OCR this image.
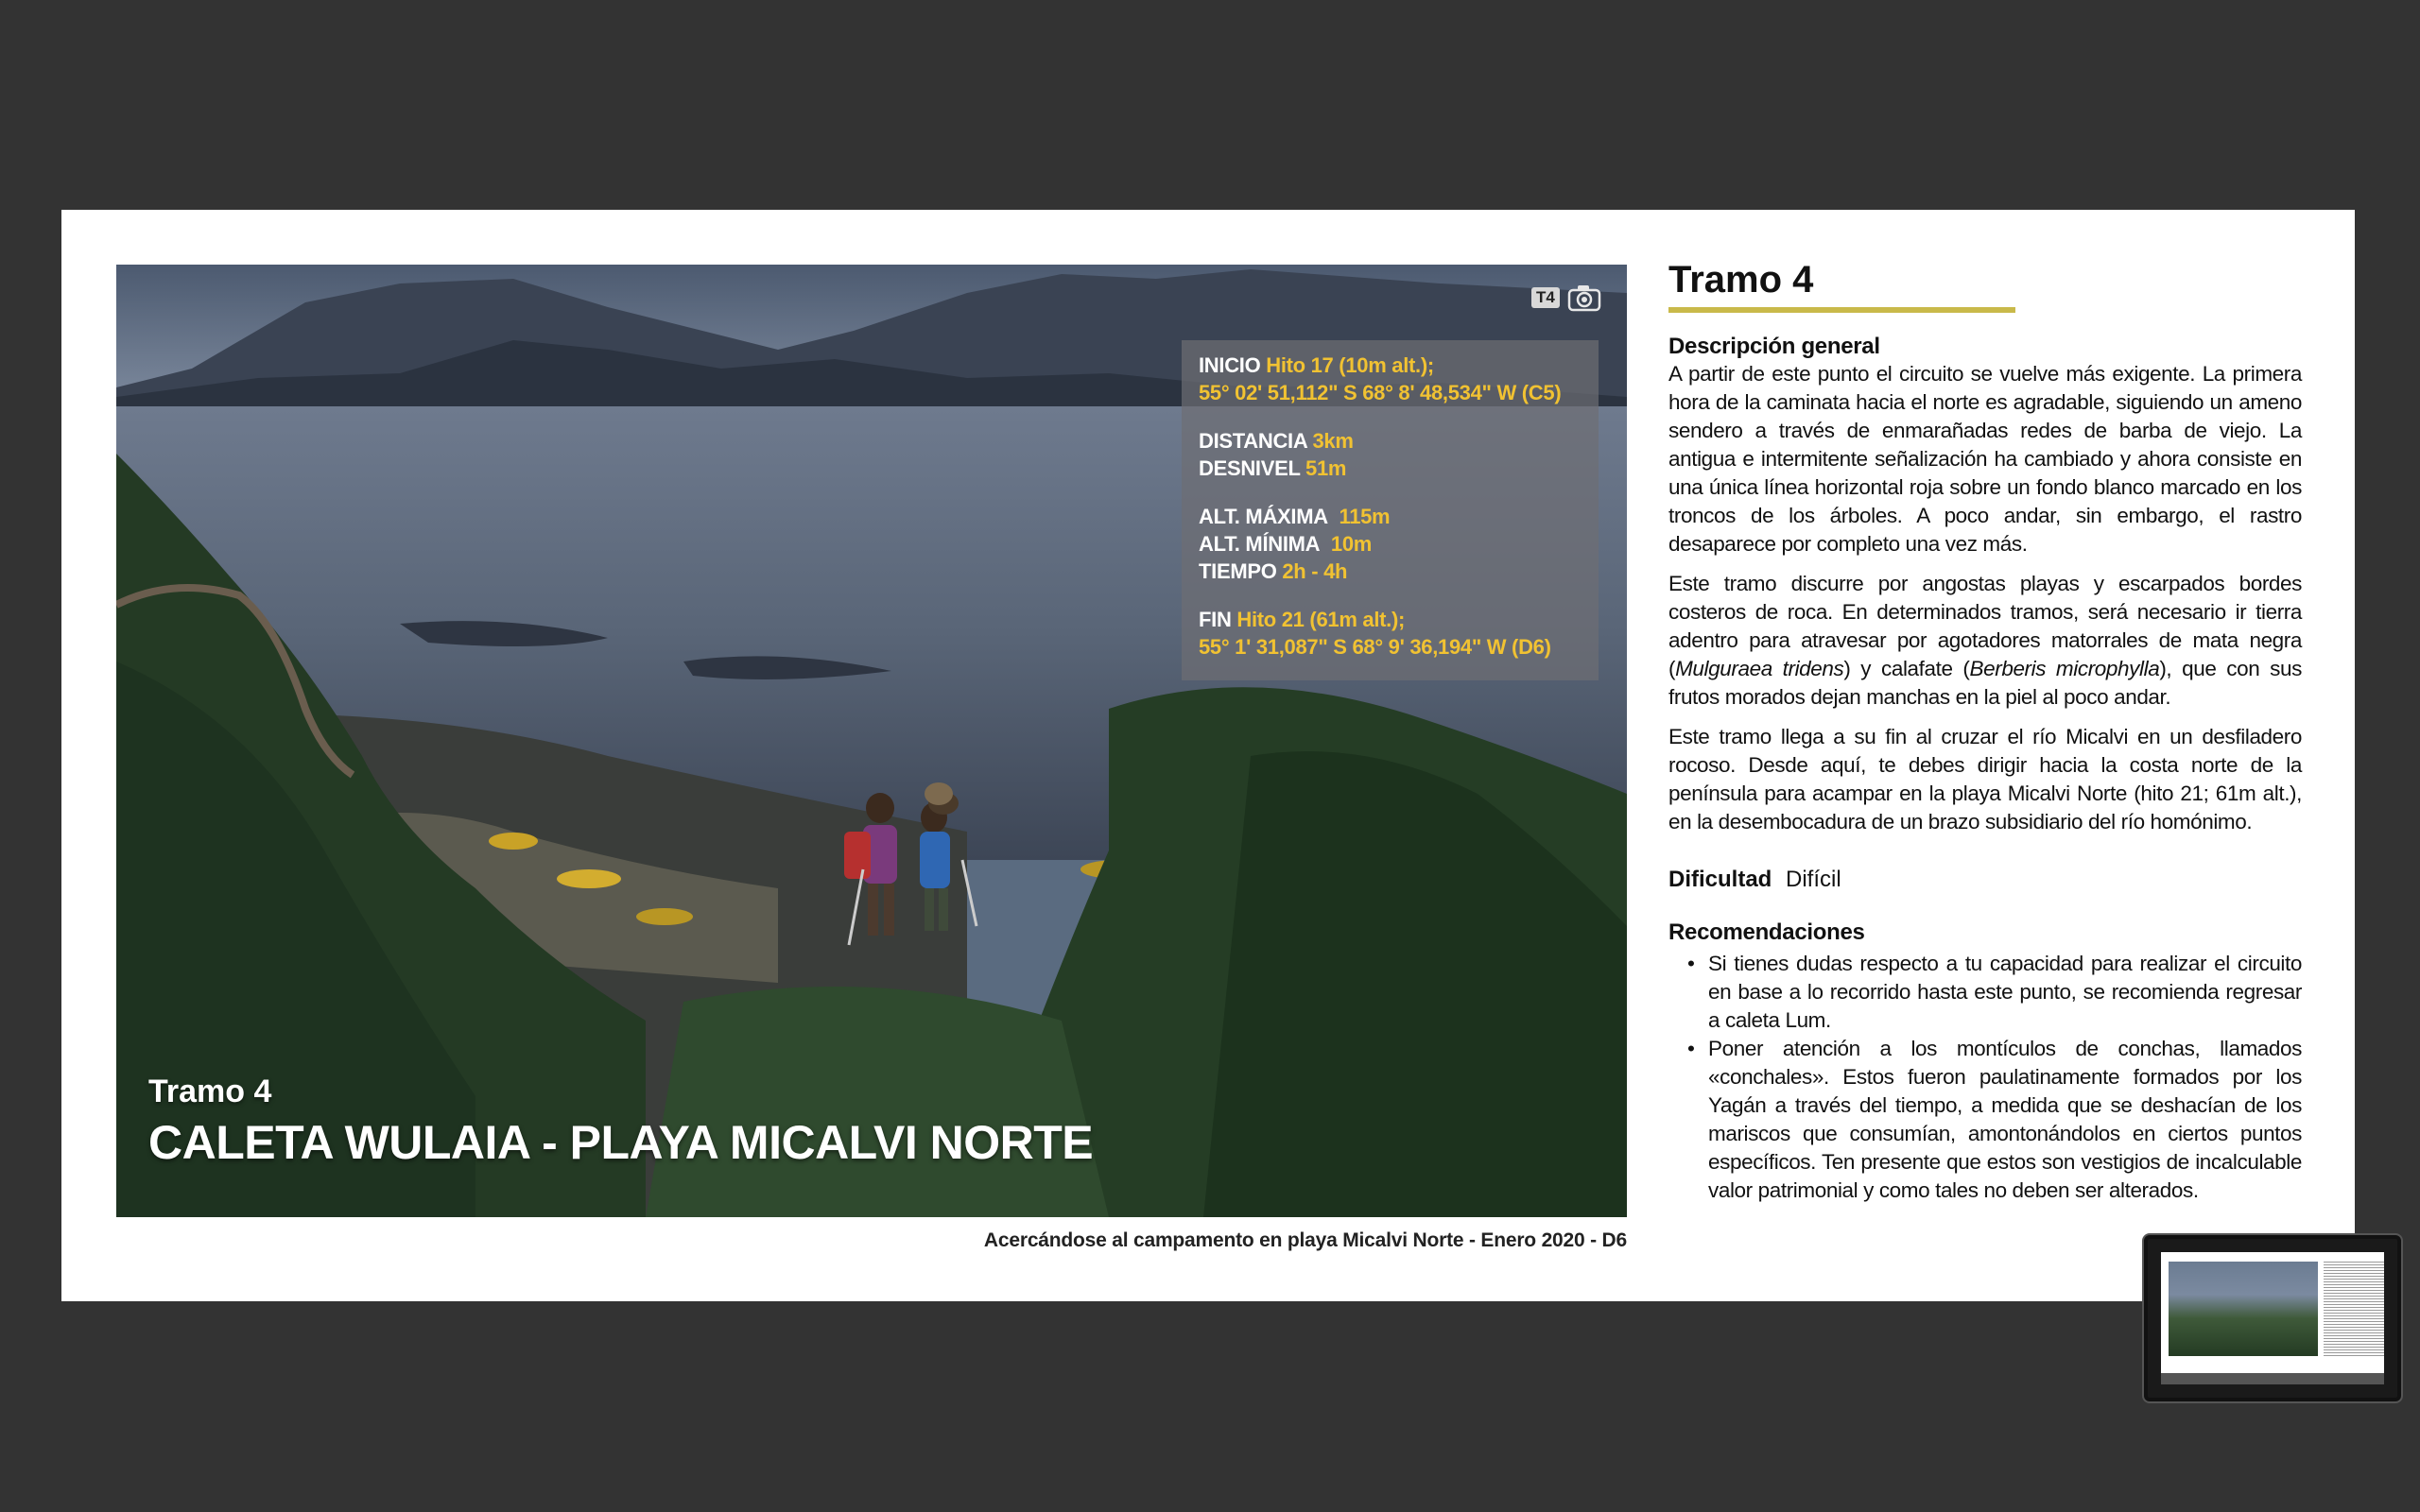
T4
INICIO Hito 17 (10m alt.);
55° 02' 51,112" S 68° 8' 48,534" W (C5)
DISTANCIA 3km
DESNIVEL 51m
ALT. MÁXIMA 115m
ALT. MÍNIMA 10m
TIEMPO 2h - 4h
FIN Hito 21 (61m alt.);
55° 1' 31,087" S 68° 9' 36,194" W (D6)
Tramo 4
CALETA WULAIA - PLAYA MICALVI NORTE
Acercándose al campamento en playa Micalvi Norte - Enero 2020 - D6
Tramo 4
Descripción general

A partir de este punto el circuito se vuelve más exigente. La primera hora de la caminata hacia el norte es agradable, siguiendo un ameno sendero a través de enmarañadas redes de barba de viejo. La antigua e intermitente señalización ha cambiado y ahora consiste en una única línea horizontal roja sobre un fondo blanco marcado en los troncos de los árboles. A poco andar, sin embargo, el rastro desaparece por completo una vez más.

Este tramo discurre por angostas playas y escarpados bordes costeros de roca. En determinados tramos, será necesario ir tierra adentro para atravesar por agotadores matorrales de mata negra (Mulguraea tridens) y calafate (Berberis microphylla), que con sus frutos morados dejan manchas en la piel al poco andar.

Este tramo llega a su fin al cruzar el río Micalvi en un desfiladero rocoso. Desde aquí, te debes dirigir hacia la costa norte de la península para acampar en la playa Micalvi Norte (hito 21; 61m alt.), en la desembocadura de un brazo subsidiario del río homónimo.

Dificultad Difícil
Recomendaciones
• Si tienes dudas respecto a tu capacidad para realizar el circuito en base a lo recorrido hasta este punto, se recomienda regresar a caleta Lum.
• Poner atención a los montículos de conchas, llamados «conchales». Estos fueron paulatinamente formados por los Yagán a través del tiempo, a medida que se deshacían de los mariscos que consumían, amontonándolos en ciertos puntos específicos. Ten presente que estos son vestigios de incalculable valor patrimonial y como tales no deben ser alterados.
